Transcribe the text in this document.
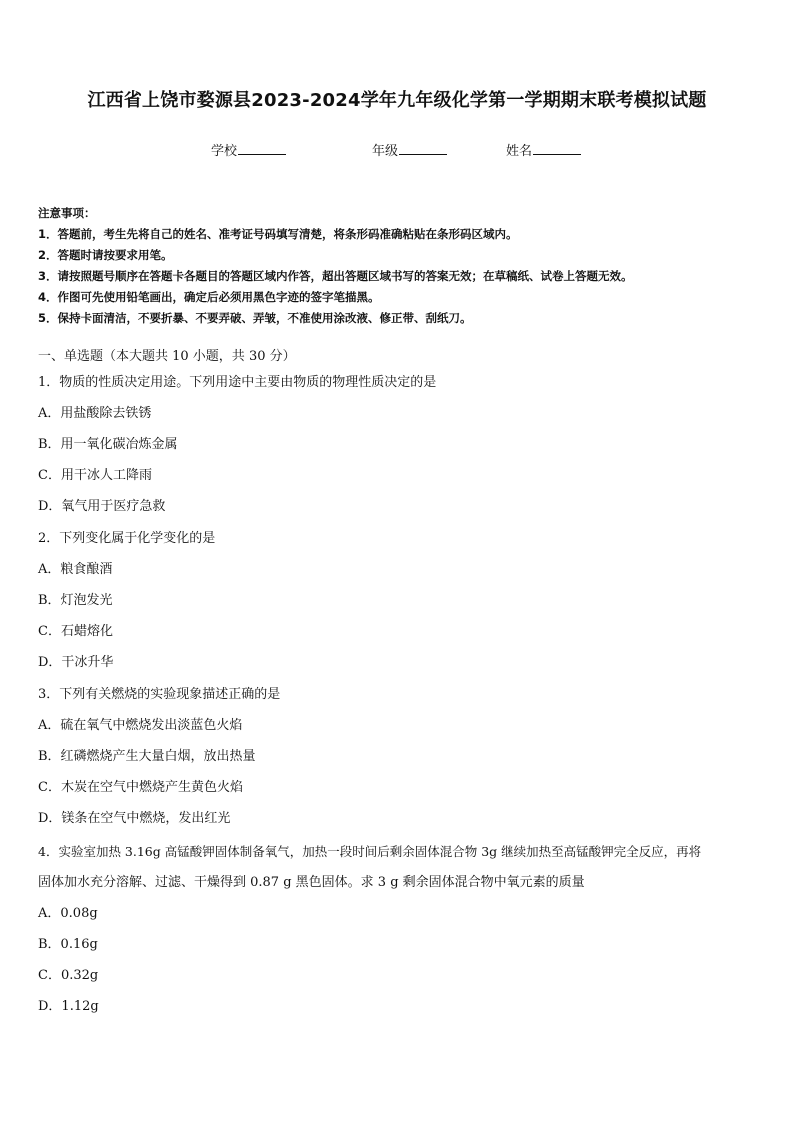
江西省上饶市婺源县2023-2024学年九年级化学第一学期期末联考模拟试题
学校	年级	姓名
注意事项：
1．答题前，考生先将自己的姓名、准考证号码填写清楚，将条形码准确粘贴在条形码区域内。
2．答题时请按要求用笔。
3．请按照题号顺序在答题卡各题目的答题区域内作答，超出答题区域书写的答案无效；在草稿纸、试卷上答题无效。
4．作图可先使用铅笔画出，确定后必须用黑色字迹的签字笔描黑。
5．保持卡面清洁，不要折暴、不要弄破、弄皱，不准使用涂改液、修正带、刮纸刀。
一、单选题（本大题共 10 小题，共 30 分）
1．物质的性质决定用途。下列用途中主要由物质的物理性质决定的是
A．用盐酸除去铁锈
B．用一氧化碳冶炼金属
C．用干冰人工降雨
D．氧气用于医疗急救
2．下列变化属于化学变化的是
A．粮食酿酒
B．灯泡发光
C．石蜡熔化
D．干冰升华
3．下列有关燃烧的实验现象描述正确的是
A．硫在氧气中燃烧发出淡蓝色火焰
B．红磷燃烧产生大量白烟，放出热量
C．木炭在空气中燃烧产生黄色火焰
D．镁条在空气中燃烧，发出红光
4．实验室加热 3.16g 高锰酸钾固体制备氧气，加热一段时间后剩余固体混合物 3g 继续加热至高锰酸钾完全反应，再将
固体加水充分溶解、过滤、干燥得到 0.87 g 黑色固体。求 3 g 剩余固体混合物中氧元素的质量
A．0.08g
B．0.16g
C．0.32g
D．1.12g
